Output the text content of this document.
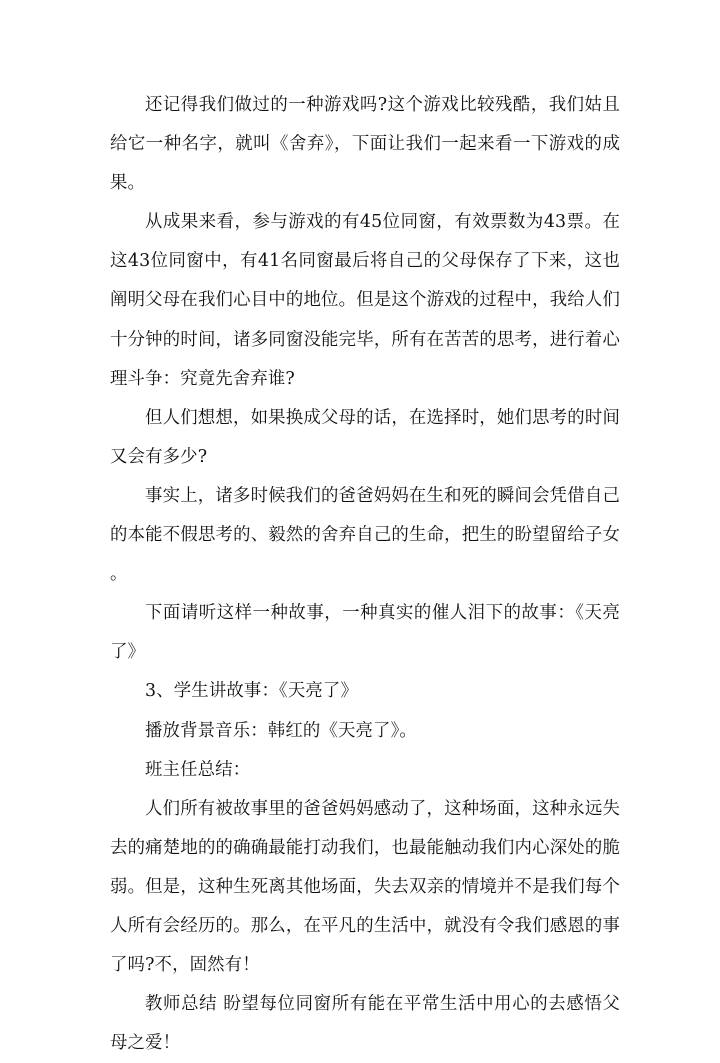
还记得我们做过的一种游戏吗?这个游戏比较残酷，我们姑且给它一种名字，就叫《舍弃》，下面让我们一起来看一下游戏的成果。

从成果来看，参与游戏的有45位同窗，有效票数为43票。在这43位同窗中，有41名同窗最后将自己的父母保存了下来，这也阐明父母在我们心目中的地位。但是这个游戏的过程中，我给人们十分钟的时间，诸多同窗没能完毕，所有在苦苦的思考，进行着心理斗争：究竟先舍弃谁?

但人们想想，如果换成父母的话，在选择时，她们思考的时间又会有多少?

事实上，诸多时候我们的爸爸妈妈在生和死的瞬间会凭借自己的本能不假思考的、毅然的舍弃自己的生命，把生的盼望留给子女。

下面请听这样一种故事，一种真实的催人泪下的故事：《天亮了》

3、学生讲故事：《天亮了》

播放背景音乐：韩红的《天亮了》。

班主任总结：

人们所有被故事里的爸爸妈妈感动了，这种场面，这种永远失去的痛楚地的的确确最能打动我们，也最能触动我们内心深处的脆弱。但是，这种生死离其他场面，失去双亲的情境并不是我们每个人所有会经历的。那么，在平凡的生活中，就没有令我们感恩的事了吗?不，固然有！

教师总结 盼望每位同窗所有能在平常生活中用心的去感悟父母之爱！
